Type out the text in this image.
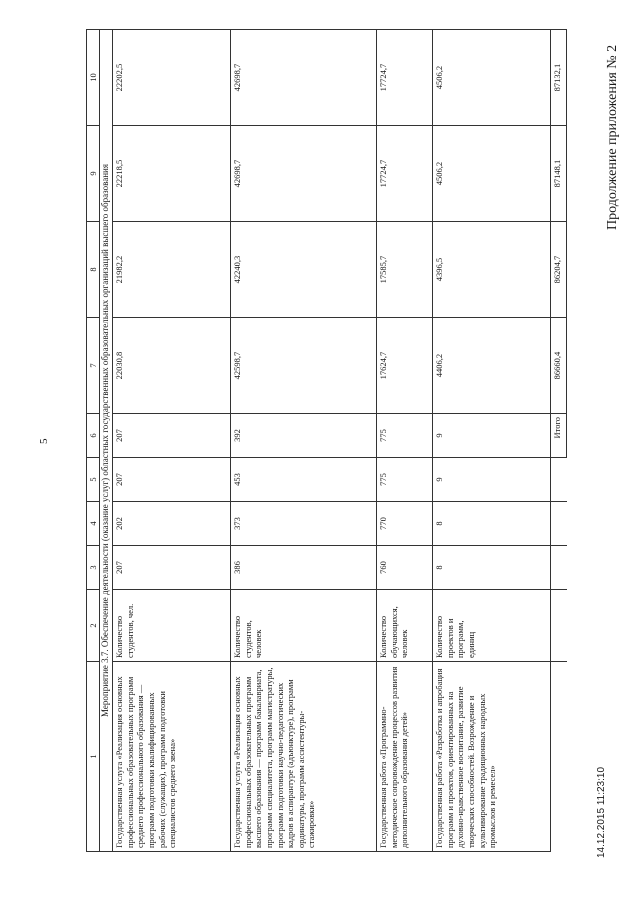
5
Продолжение приложения № 2
14.12.2015 11:23:10
1	2	3	4	5	6	7	8	9	10
Мероприятие 3.7. Обеспечение деятельности (оказание услуг) областных государственных образовательных организаций высшего образования									
Государственная услуга «Реализация основных профессиональных образовательных программ среднего профессионального образования — программ подготовки квалифицированных рабочих (служащих), программ подготовки специалистов среднего звена»	Количество студентов, чел.	207	202	207	207	22030,8	21982,2	22218,5	22202,5
Государственная услуга «Реализация основных профессиональных образовательных программ высшего образования — программ бакалавриата, программ специалитета, программ магистратуры, программ подготовки научно-педагогических кадров в аспирантуре (адъюнктуре), программ ординатуры, программ ассистентуры-стажировки»	Количество студентов, человек	386	373	453	392	42598,7	42240,3	42698,7	42698,7
Государственная работа «Программно-методическое сопровождение процессов развития дополнительного образования детей»	Количество обучающихся, человек	760	770	775	775	17624,7	17585,7	17724,7	17724,7
Государственная работа «Разработка и апробация программ и проектов, ориентированных на духовно-нравственное воспитание, развитие творческих способностей. Возрождение и культивирование традиционных народных промыслов и ремесел»	Количество проектов и программ, единиц	8	8	9	9	4406,2	4396,5	4506,2	4506,2
					Итого	86660,4	86204,7	87148,1	87132,1
